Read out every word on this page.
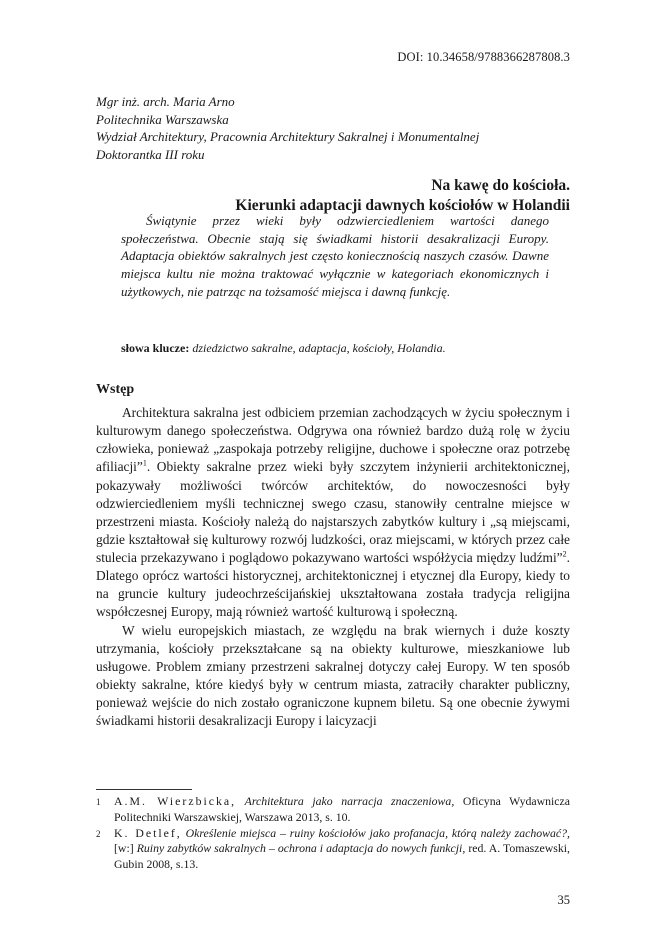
DOI: 10.34658/9788366287808.3
Mgr inż. arch. Maria Arno
Politechnika Warszawska
Wydział Architektury, Pracownia Architektury Sakralnej i Monumentalnej
Doktorantka III roku
Na kawę do kościoła.
Kierunki adaptacji dawnych kościołów w Holandii

Świątynie przez wieki były odzwierciedleniem wartości danego społeczeństwa. Obecnie stają się świadkami historii desakralizacji Europy. Adaptacja obiektów sakralnych jest często koniecznością naszych czasów. Dawne miejsca kultu nie można traktować wyłącznie w kategoriach ekonomicznych i użytkowych, nie patrząc na tożsamość miejsca i dawną funkcję.

słowa klucze: dziedzictwo sakralne, adaptacja, kościoły, Holandia.
Wstęp

Architektura sakralna jest odbiciem przemian zachodzących w życiu społecznym i kulturowym danego społeczeństwa. Odgrywa ona również bardzo dużą rolę w życiu człowieka, ponieważ „zaspokaja potrzeby religijne, duchowe i społeczne oraz potrzebę afiliacji”$^1$. Obiekty sakralne przez wieki były szczytem inżynierii architektonicznej, pokazywały możliwości twórców architektów, do nowoczesności były odzwierciedleniem myśli technicznej swego czasu, stanowiły centralne miejsce w przestrzeni miasta. Kościoły należą do najstarszych zabytków kultury i „są miejscami, gdzie kształtował się kulturowy rozwój ludzkości, oraz miejscami, w których przez całe stulecia przekazywano i poglądowo pokazywano wartości współżycia między ludźmi”$^2$. Dlatego oprócz wartości historycznej, architektonicznej i etycznej dla Europy, kiedy to na gruncie kultury judeochrześcijańskiej ukształtowana została tradycja religijna współczesnej Europy, mają również wartość kulturową i społeczną.

W wielu europejskich miastach, ze względu na brak wiernych i duże koszty utrzymania, kościoły przekształcane są na obiekty kulturowe, mieszkaniowe lub usługowe. Problem zmiany przestrzeni sakralnej dotyczy całej Europy. W ten sposób obiekty sakralne, które kiedyś były w centrum miasta, zatraciły charakter publiczny, ponieważ wejście do nich zostało ograniczone kupnem biletu. Są one obecnie żywymi świadkami historii desakralizacji Europy i laicyzacji

1	A.M. Wierzbicka, Architektura jako narracja znaczeniowa, Oficyna Wydawnicza Politechniki Warszawskiej, Warszawa 2013, s. 10.
2	K. Detlef, Określenie miejsca – ruiny kościołów jako profanacja, którą należy zachować?, [w:] Ruiny zabytków sakralnych – ochrona i adaptacja do nowych funkcji, red. A. Tomaszewski, Gubin 2008, s.13.
35
